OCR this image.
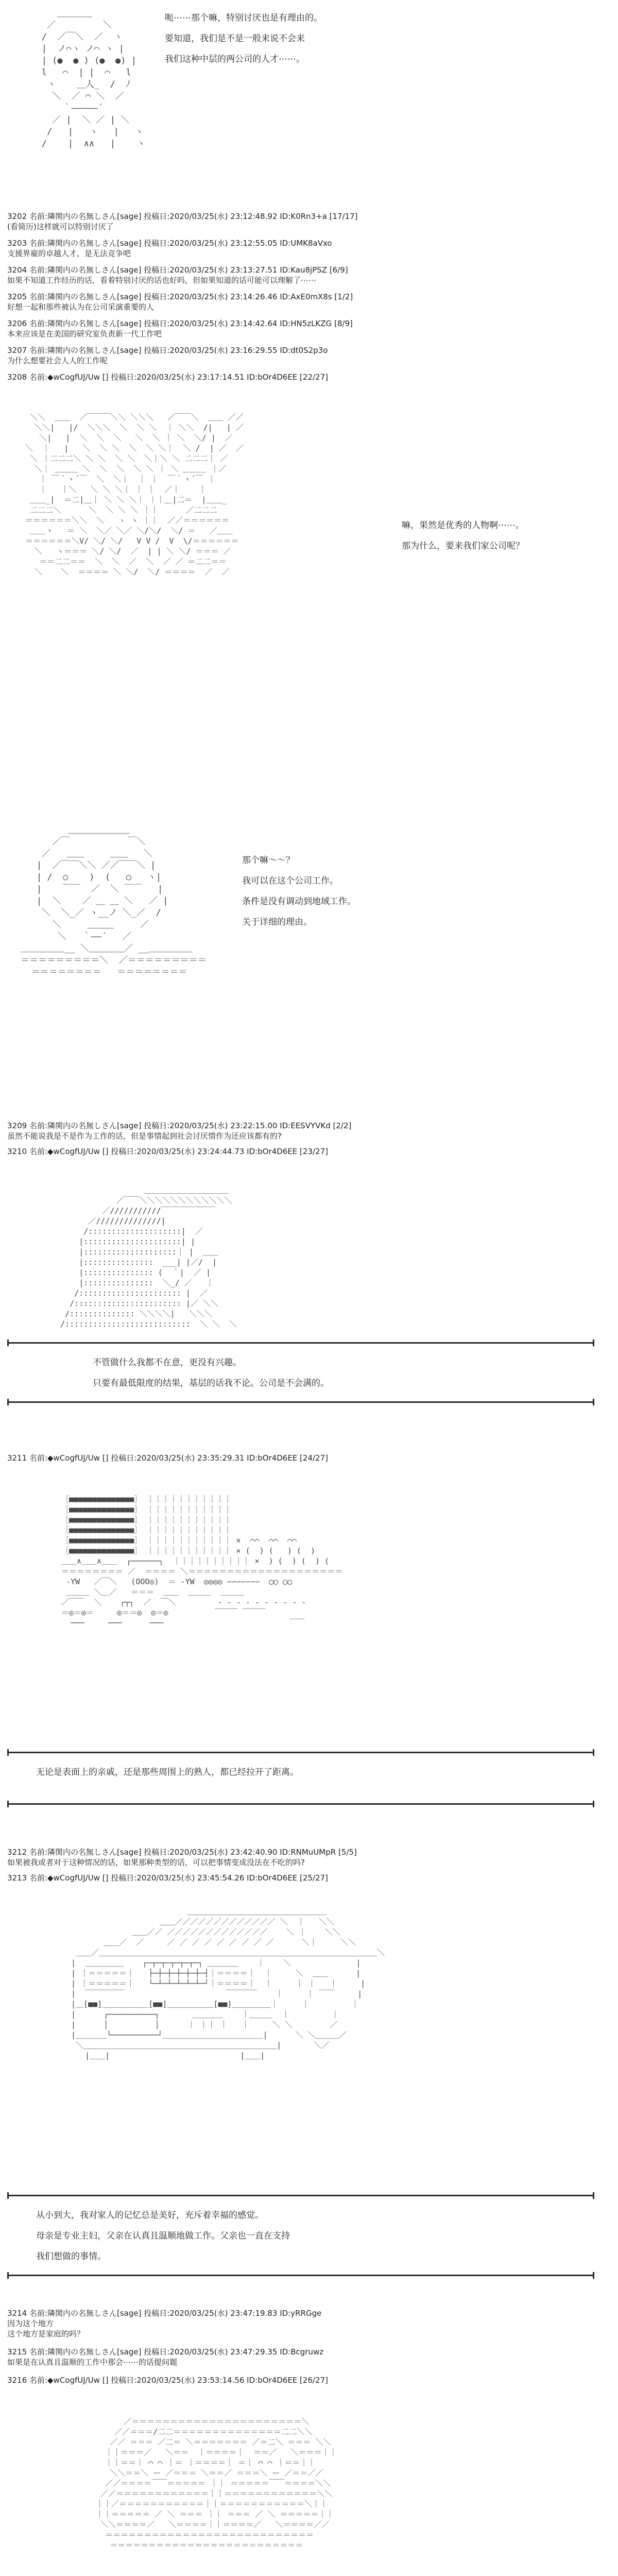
＿＿＿＿
／         ＼
/  ／￣＼  ／  ヽ
|  ノ⌒ヽ ノ⌒ ヽ |
| (●  ● ) (●  ●) |
l   ⌒  | |  ⌒   l
ヽ    ＿人_  /  ﾉ
＼  ／ ⌒ ＼  ／
｀―――――´
／ |  ＼ ／ | ＼
/   |   ヽ   |   ヽ
/    |  ∧∧   |    ヽ

呃⋯⋯那个嘛，特别讨厌也是有理由的。
要知道，我们是不是一般来说不会来
我们这种中层的两公司的人才⋯⋯。
3202 名前:隣関内の名無しさん[sage] 投稿日:2020/03/25(水) 23:12:48.92 ID:K0Rn3+a [17/17]
(看简历)这样就可以特别讨厌了
3203 名前:隣関内の名無しさん[sage] 投稿日:2020/03/25(水) 23:12:55.05 ID:UMK8aVxo
支援界雇的卓越人才，是无法竞争吧
3204 名前:隣関内の名無しさん[sage] 投稿日:2020/03/25(水) 23:13:27.51 ID:Kau8jPSZ [6/9]
如果不知道工作经历的话，看着特别讨厌的话也好吗，但如果知道的话可能可以理解了⋯⋯
3205 名前:隣関内の名無しさん[sage] 投稿日:2020/03/25(水) 23:14:26.46 ID:AxE0mX8s [1/2]
好想一起和那些被认为在公司采演重要的人
3206 名前:隣関内の名無しさん[sage] 投稿日:2020/03/25(水) 23:14:42.64 ID:HN5zLKZG [8/9]
本来应该是在美国的研究室负责新一代工作吧
3207 名前:隣関内の名無しさん[sage] 投稿日:2020/03/25(水) 23:16:29.55 ID:dt0S2p3o
为什么想要社会人人的工作呢
3208 名前:◆wCogfUJ/Uw [] 投稿日:2020/03/25(水) 23:17:14.51 ID:bOr4D6EE [22/27]
＼＼  ＿＿  ／￣￣￣＼＼ ＼＼＼   ／￣￣＼  ＿＿ ／／
＼＼|   |/  ＼＼＼  ＼  ＼ ＼  ｜ ＼＼  /|   | ／
＼|   |  ＼  ＼  ＼   ＼  ＼ ｜ ＼  ＼/ |  ／
＼  ｜   |   ＼  ＼ ＼  ＼  ＼ ＼｜  ＼ /  | ／  ／
＼ ｜二二二＼ ＼ ＼  ＼ ＼  ＼｜＼ ＼ 二二二｜ ／
＼｜ ＿＿＿ ＼  ＼  ＼  ＼ ＼ ｜ ＼ ＿＿＿ ｜／
｜ ￣｀ヽ´￣  ＼  ＼｜  ｜ ｜  ￣｀ヽ´￣ ｜
｜   ｜＼   ＼ ＼ ＼｜ ｜ ｜  ／｜    ｜
＿＿_|  ＝二|＿｜ ＼ ＼ ＼｜ ｜｜＿|二＝  |＿＿_
二二二＼      ＼  ＼ ＼ ＼ ｜｜      ／二二二
＝＝＝＝＝＝＼＼  ＼   ヽ ヽ ｜｜  ／／＝＝＝＝＝＝
＿＿ヽ   ＝ ＼  ＼／ ＼／ ＼/＼/  ＼/ ＝   ／＿＿
＝＝＝＝＝＝＼V/ ＼/ ＼/   V V /  V  \/＝＝＝＝＝＝
＼   ヽ＝＝＝ ＼/ ＼/  ／  | | ＼ ＼/ ＝＝＝ ／
＝＝二二＝＝  ＼  ＼  ／  ＼  ／ ／ ＝二二＝＝
＼    ＼  ＝＝＝＝ ＼ ＼/  ＼/ ＝＝＝＝  ／  ／

嘛，果然是优秀的人物啊⋯⋯。
那为什么，要来我们家公司呢？
＿＿＿＿＿＿＿
／￣           ￣＼
／   ＿＿     ＿＿   ＼
|  ／￣￣＼＼ ／／￣￣＼ |
| /  ○    )  (   ○   ヽ|
|    ￣￣  ／  ＼ ￣￣   |
|  ＼    ／ ＿ ＿ ＼   ／ |
＼  ＼_／ ヽ__ノ ＼_／  /
＼     ＿＿＿     ／
＼   ｀――´   ／
＿＿＿＿＿__ ＼＿＿＿＿／ __＿＿＿＿＿
＝＝＝＝＝＝＝＝＝＼  ／＝＝＝＝＝＝＝＝＝
＝＝＝＝＝＝＝＝   ＝＝＝＝＝＝＝＝

那个嘛～～？
我可以在这个公司工作。
条件是没有调动到地域工作。
关于详细的理由。
3209 名前:隣関内の名無しさん[sage] 投稿日:2020/03/25(水) 23:22:15.00 ID:EESVYVKd [2/2]
虽然不能说我是不是作为工作的话，但是事情起到社会讨厌情作为还应该都有的?
3210 名前:◆wCogfUJ/Uw [] 投稿日:2020/03/25(水) 23:24:44.73 ID:bOr4D6EE [23/27]
＿＿＿＿＿＿＿＿＿＿＿
／￣￣＼＼＼＼＼＼＼＼＼＼＼＼
／///////////￣￣￣￣￣￣￣
／//////////////|
/::::::::::::::::::::|  ／
|:::::::::::::::::::::| |
|::::::::::::::::::::｜ |  ＿＿
|:::::::::::::::  ___| |／/  |
|::::::::::::::: (  ｀|  ／ |
|:::::::::::::::  ＼_/ ／   ｜
/:::::::::::::::::::::: |  ／
/::::::::::::::::::::::: |／ ＼＼
/:::::::::::::: ＼＼＼＼|   ＼＼＼
/:::::::::::::::::::::::::::  ＼ ＼  ＼

不管做什么我都不在意，更没有兴趣。
只要有最低限度的结果，基层的话我不论。公司是不会满的。
3211 名前:◆wCogfUJ/Uw [] 投稿日:2020/03/25(水) 23:35:29.31 ID:bOr4D6EE [24/27]
［■■■■■■■■■■■■■■］ ｜｜｜｜｜｜｜｜｜｜｜
［■■■■■■■■■■■■■■］ ｜｜｜｜｜｜｜｜｜｜｜
［■■■■■■■■■■■■■■］ ｜｜｜｜｜｜｜｜｜｜｜
［■■■■■■■■■■■■■■］ ｜｜｜｜｜｜｜｜｜｜｜
［■■■■■■■■■■■■■■］ ｜｜｜｜｜｜｜｜｜｜｜ ×  ⌒⌒  ⌒⌒  ⌒⌒
［■■■■■■■■■■■■■■］ ｜｜｜｜｜｜｜｜｜｜｜ × (  ) (   ) (  )
＿＿∧＿＿∧＿＿  ┌──────┐  ｜｜｜｜｜｜｜｜｜｜ ×  ) (  ) (  ) (
＝＝＝＝＝＝＝＝ ／  ＝＝＝＝ ＼＝＝＝＝＝＝＝＝＝＝＝＝＝＝＝＝＝＝＝＝
‐YW   ／￣＼   (OOΟ◎)  ＝ ‐YW  ◎◎◎◎ ∽∽∽∽∽∽∽  ◯◯ ◯◯
＿＿＿ ＼＿／   ＝＝＝  ＿＿  ＿＿＿  ＿＿＿
／￣￣  ＼    ┌┬┐  ／  ￣＼         ‐ ‐ ‐ ‐ ‐ ‐ ‐ ‐ ‐ ‐
＝◎＝◎＝     ◎＝＝◎  ◎＝◎          ￣￣￣ ￣￣￣
───     ───      ───                           ￣￣

无论是表面上的亲戚，还是那些周围上的熟人，都已经拉开了距离。
3212 名前:隣関内の名無しさん[sage] 投稿日:2020/03/25(水) 23:42:40.90 ID:RNMuUMpR [5/5]
如果被我或者对于这种情况的话，如果那种类型的话，可以把事情变成没法在不吃的吗?
3213 名前:◆wCogfUJ/Uw [] 投稿日:2020/03/25(水) 23:45:54.26 ID:bOr4D6EE [25/27]
＿＿＿＿＿＿＿＿＿＿＿＿＿＿＿＿＿＿
＿＿／／／／／／／／／／／／／ ＼  ｜   ＼＼
＿＿／／ ／／／／／／／／／／／／／    ＼ ｜    ＼＼
＿＿／  ／     ／ ／ ／ ／ ／ ／ ／ ／ ／      ＼｜     ＼＼
＿＿／＿＿＿＿＿＿＿＿＿＿＿＿＿＿＿＿＿＿＿＿＿＿＿＿＿＿＿＿＿＿＿＿＿＿＿＿＼
|  ＿＿＿＿＿    ┌─┬─┬─┬─┬─┬─┐ ＿＿＿＿    ｜    ＼              |
| ｜＝＝＝＝＝｜   ├─┼─┼─┼─┼─┼─┤｜＝＝＝＝｜  ｜     ＼  ＿＿      |
| ｜＝＝＝＝＝｜   └─┴─┴─┴─┴─┴─┘｜＝＝＝＝｜  ｜     ｜ ｜   ｜     |
|  ￣￣￣￣￣                      ￣￣￣￣    ｜     ｜ ￣￣     |
|＿[■■]＿＿＿＿＿＿[■■]＿＿＿＿＿＿[■■]＿＿＿＿＿｜     ｜         ｜
|      ┌──────────┐       ＿＿＿＿    ｜＿＿＿  ｜         ｜
|      │          │      ｜ ｜｜ ｜   ｜     ＼ ＼        ／
|＿＿＿＿└──────────┘＿＿＿＿＿＿＿＿＿＿＿＿＿|      ＼ ＼＿＿＿／
＼＿＿＿＿＿＿＿＿＿＿＿＿＿＿＿＿＿＿＿＿＿＿＿＿＿|       ＼／
|＿＿|                            |＿＿|

从小到大，我对家人的记忆总是美好，充斥着幸福的感觉。
母亲是专业主妇，父亲在认真且温顺地做工作。父亲也一直在支持
我们想做的事情。
3214 名前:隣関内の名無しさん[sage] 投稿日:2020/03/25(水) 23:47:19.83 ID:yRRGge
因为这个地方
这个地方是家庭的吗？
3215 名前:隣関内の名無しさん[sage] 投稿日:2020/03/25(水) 23:47:29.35 ID:Bcgruwz
如果是在认真且温顺的工作中那会⋯⋯的话提问题
3216 名前:◆wCogfUJ/Uw [] 投稿日:2020/03/25(水) 23:53:14.56 ID:bOr4D6EE [26/27]
／＝＝＝＝＝＝＝＝＝＝＝＝＝＝＝＝＝＝＝＝＝＝＼
／／＝＝＝/二二＝＝＝＝＝＝＝＝＝＝＝＝＝＝二二＼＼
／／ ＝＝＝ ／二＝ ＼＝＝＝＝＝＝＝ ／＝二＼ ＝＝＝ ＼＼
｜｜＝＝＝／   ＼＝＝  ｜＝＝＝＝｜  ＝＝／   ＼＝＝＝｜｜
｜｜＝＝｜ ⌒ ⌒ ｜＝ ｜＝＝＝＝｜ ＝｜ ⌒ ⌒ ｜＝＝｜｜
＼＼＝＝＼ ー ／＝＝＝ ＼＝＝／ ＝＝＝＼ ー ／＝＝／／
／／＝＝＝＝￣￣＝＝＝＝＝ ｜｜ ＝＝＝＝＝￣￣＝＝＝＝＼＼
／／＝＝＝＝＝＝＝＝＝＝＝＝｜｜＝＝＝＝＝＝＝＝＝＝＝＝＼＼
｜｜／＝＝＝＝＝＝＝＝＝＝＝｜｜＝＝＝＝＝＝＝＝＝＝＝＼｜｜
｜｜＝＝＝＝＝ ／ ＼ ＝＝＝ ｜｜ ＝＝＝ ／ ＼ ＝＝＝＝＝｜｜
＼＼＝＝＝＝／   ＼＝＝＝＝｜｜＝＝＝＝／   ＼＝＝＝＝／／
＝＝＝＝＝＝＝＝＝＝＝＝＝＝＝＝＝＝＝＝＝＝＝＝＝＝＝
＝＝＝＝＝＝＝＝＝＝＝＝＝＝＝＝＝＝＝＝＝＝＝＝＝
